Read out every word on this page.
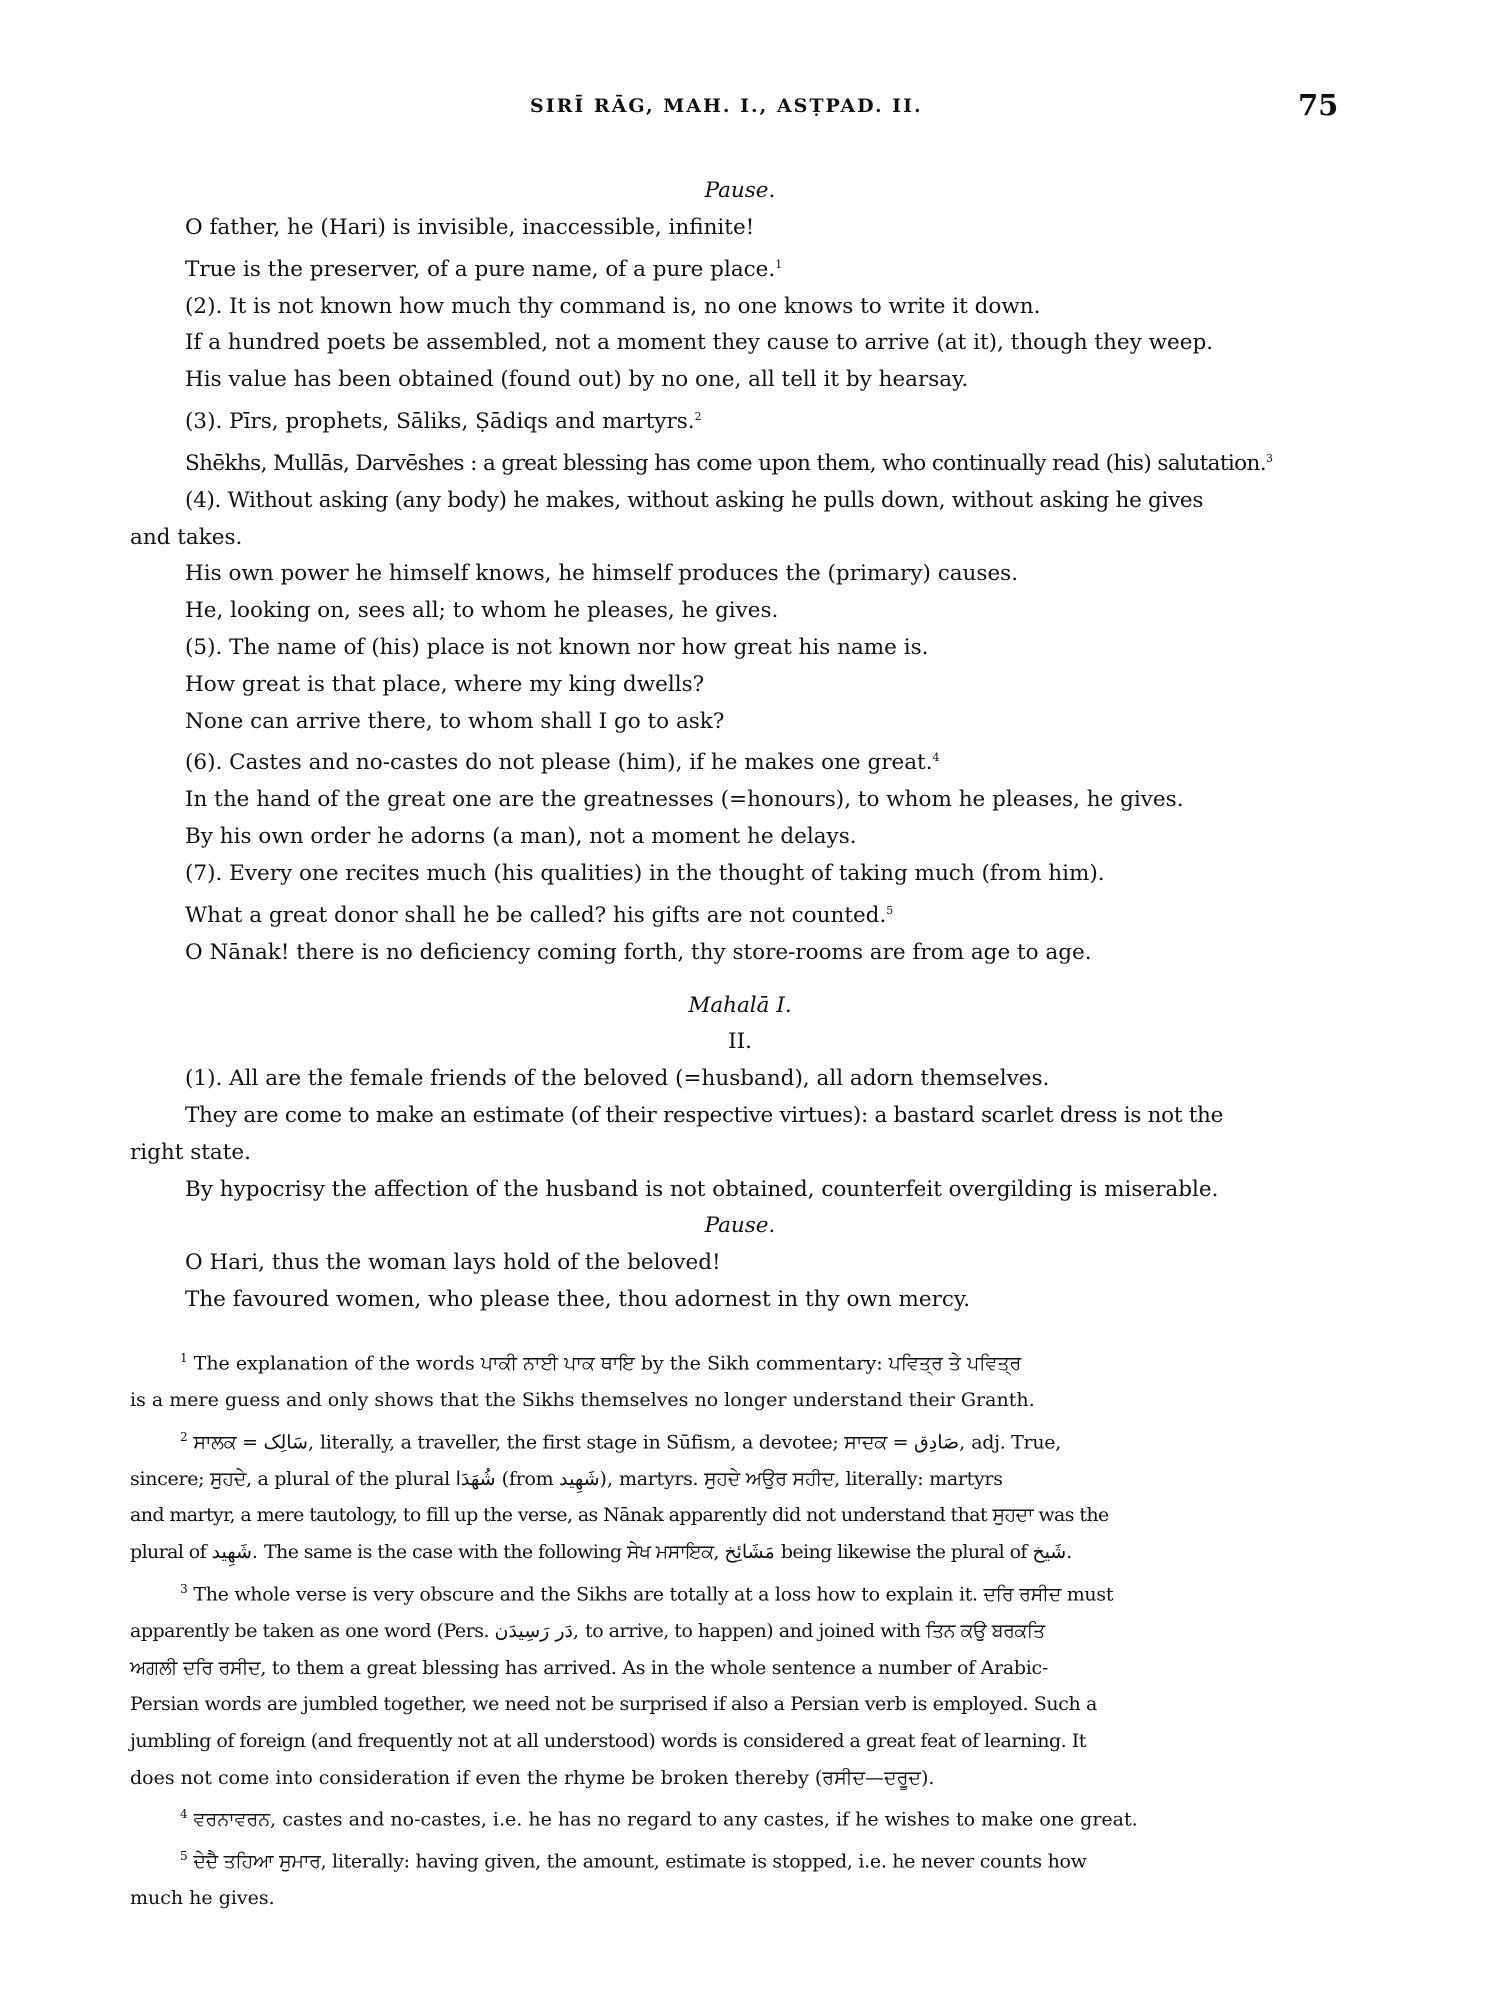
SIRĪ RĀG, MAH. I., ASṬPAD. II.	75

Pause.

O father, he (Hari) is invisible, inaccessible, infinite!

True is the preserver, of a pure name, of a pure place.$^1$

(2). It is not known how much thy command is, no one knows to write it down.

If a hundred poets be assembled, not a moment they cause to arrive (at it), though they weep.

His value has been obtained (found out) by no one, all tell it by hearsay.

(3). Pīrs, prophets, Sāliks, Ṣādiqs and martyrs.$^2$

Shēkhs, Mullās, Darvēshes : a great blessing has come upon them, who continually read (his) salutation.$^3$

(4). Without asking (any body) he makes, without asking he pulls down, without asking he gives

and takes.

His own power he himself knows, he himself produces the (primary) causes.

He, looking on, sees all; to whom he pleases, he gives.

(5). The name of (his) place is not known nor how great his name is.

How great is that place, where my king dwells?

None can arrive there, to whom shall I go to ask?

(6). Castes and no-castes do not please (him), if he makes one great.$^4$

In the hand of the great one are the greatnesses (=honours), to whom he pleases, he gives.

By his own order he adorns (a man), not a moment he delays.

(7). Every one recites much (his qualities) in the thought of taking much (from him).

What a great donor shall he be called? his gifts are not counted.$^5$

O Nānak! there is no deficiency coming forth, thy store-rooms are from age to age.

Mahalā I.

II.

(1). All are the female friends of the beloved (=husband), all adorn themselves.

They are come to make an estimate (of their respective virtues): a bastard scarlet dress is not the

right state.

By hypocrisy the affection of the husband is not obtained, counterfeit overgilding is miserable.

Pause.

O Hari, thus the woman lays hold of the beloved!

The favoured women, who please thee, thou adornest in thy own mercy.

$^1$ The explanation of the words ਪਾਕੀ ਨਾਈ ਪਾਕ ਥਾਇ by the Sikh commentary: ਪਵਿਤ੍ਰ ਤੇ ਪਵਿਤ੍ਰ

is a mere guess and only shows that the Sikhs themselves no longer understand their Granth.

$^2$ ਸਾਲਕ = سَالِک, literally, a traveller, the first stage in Sūfism, a devotee; ਸਾਦਕ = صَادِق, adj. True,

sincere; ਸੁਹਦੇ, a plural of the plural شُهَدَا (from شَهِيد), martyrs. ਸੁਹਦੇ ਅਉਰ ਸਹੀਦ, literally: martyrs

and martyr, a mere tautology, to fill up the verse, as Nānak apparently did not understand that ਸੁਹਦਾ was the

plural of شَهِيد. The same is the case with the following ਸੇਖ ਮਸਾਇਕ, مَشَائِخ being likewise the plural of شَيخ.

$^3$ The whole verse is very obscure and the Sikhs are totally at a loss how to explain it. ਦਰਿ ਰਸੀਦ must

apparently be taken as one word (Pers. دَر رَسِيدَن, to arrive, to happen) and joined with ਤਿਨ ਕਉ ਬਰਕਤਿ

ਅਗਲੀ ਦਰਿ ਰਸੀਦ, to them a great blessing has arrived. As in the whole sentence a number of Arabic-

Persian words are jumbled together, we need not be surprised if also a Persian verb is employed. Such a

jumbling of foreign (and frequently not at all understood) words is considered a great feat of learning. It

does not come into consideration if even the rhyme be broken thereby (ਰਸੀਦ—ਦਰੂਦ).

$^4$ ਵਰਨਾਵਰਨ, castes and no-castes, i.e. he has no regard to any castes, if he wishes to make one great.

$^5$ ਦੇਦੈ ਤਹਿਆ ਸੁਮਾਰ, literally: having given, the amount, estimate is stopped, i.e. he never counts how

much he gives.
